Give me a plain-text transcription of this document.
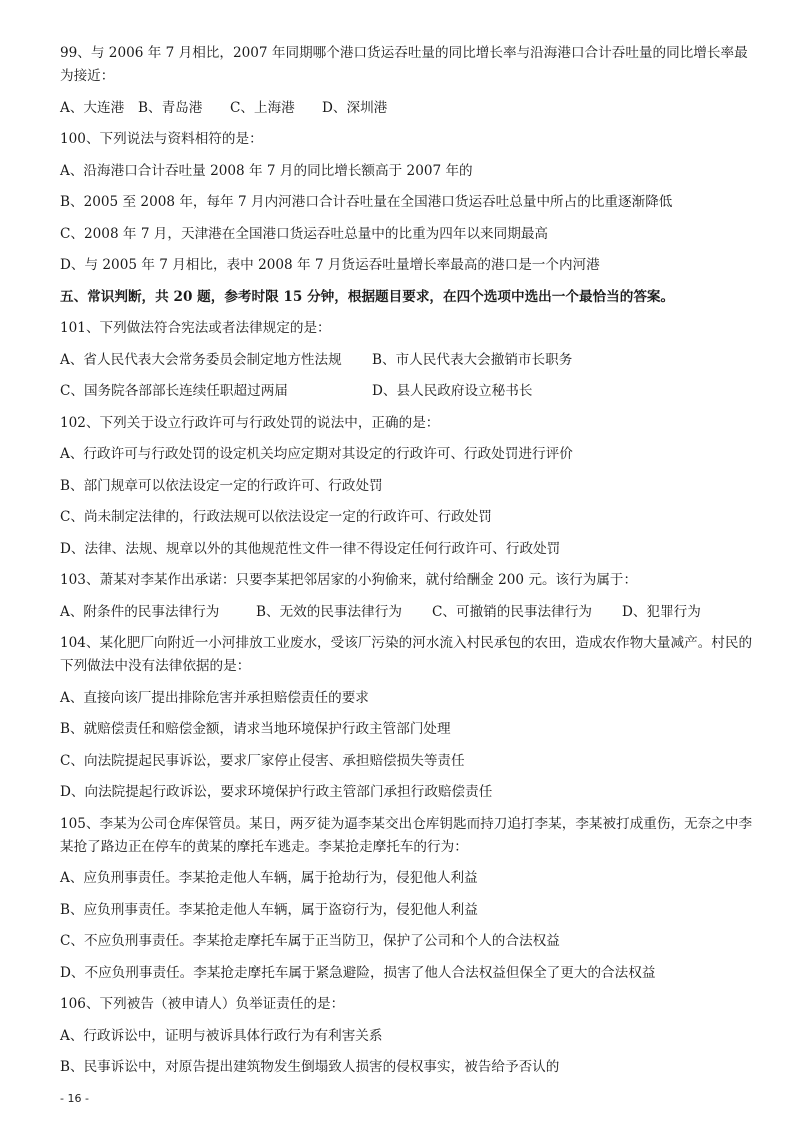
99、与 2006 年 7 月相比，2007 年同期哪个港口货运吞吐量的同比增长率与沿海港口合计吞吐量的同比增长率最为接近：

A、大连港	B、青岛港	C、上海港	D、深圳港

100、下列说法与资料相符的是：

A、沿海港口合计吞吐量 2008 年 7 月的同比增长额高于 2007 年的

B、2005 至 2008 年，每年 7 月内河港口合计吞吐量在全国港口货运吞吐总量中所占的比重逐渐降低

C、2008 年 7 月，天津港在全国港口货运吞吐总量中的比重为四年以来同期最高

D、与 2005 年 7 月相比，表中 2008 年 7 月货运吞吐量增长率最高的港口是一个内河港

五、常识判断，共 20 题，参考时限 15 分钟，根据题目要求，在四个选项中选出一个最恰当的答案。

101、下列做法符合宪法或者法律规定的是：

A、省人民代表大会常务委员会制定地方性法规	B、市人民代表大会撤销市长职务
C、国务院各部部长连续任职超过两届	D、县人民政府设立秘书长

102、下列关于设立行政许可与行政处罚的说法中，正确的是：

A、行政许可与行政处罚的设定机关均应定期对其设定的行政许可、行政处罚进行评价

B、部门规章可以依法设定一定的行政许可、行政处罚

C、尚未制定法律的，行政法规可以依法设定一定的行政许可、行政处罚

D、法律、法规、规章以外的其他规范性文件一律不得设定任何行政许可、行政处罚

103、萧某对李某作出承诺：只要李某把邻居家的小狗偷来，就付给酬金 200 元。该行为属于：

A、附条件的民事法律行为	B、无效的民事法律行为	C、可撤销的民事法律行为	D、犯罪行为

104、某化肥厂向附近一小河排放工业废水，受该厂污染的河水流入村民承包的农田，造成农作物大量减产。村民的下列做法中没有法律依据的是：

A、直接向该厂提出排除危害并承担赔偿责任的要求

B、就赔偿责任和赔偿金额，请求当地环境保护行政主管部门处理

C、向法院提起民事诉讼，要求厂家停止侵害、承担赔偿损失等责任

D、向法院提起行政诉讼，要求环境保护行政主管部门承担行政赔偿责任

105、李某为公司仓库保管员。某日，两歹徒为逼李某交出仓库钥匙而持刀追打李某，李某被打成重伤，无奈之中李某抢了路边正在停车的黄某的摩托车逃走。李某抢走摩托车的行为：

A、应负刑事责任。李某抢走他人车辆，属于抢劫行为，侵犯他人利益

B、应负刑事责任。李某抢走他人车辆，属于盗窃行为，侵犯他人利益

C、不应负刑事责任。李某抢走摩托车属于正当防卫，保护了公司和个人的合法权益

D、不应负刑事责任。李某抢走摩托车属于紧急避险，损害了他人合法权益但保全了更大的合法权益

106、下列被告（被申请人）负举证责任的是：

A、行政诉讼中，证明与被诉具体行政行为有利害关系

B、民事诉讼中，对原告提出建筑物发生倒塌致人损害的侵权事实，被告给予否认的

- 16 -
